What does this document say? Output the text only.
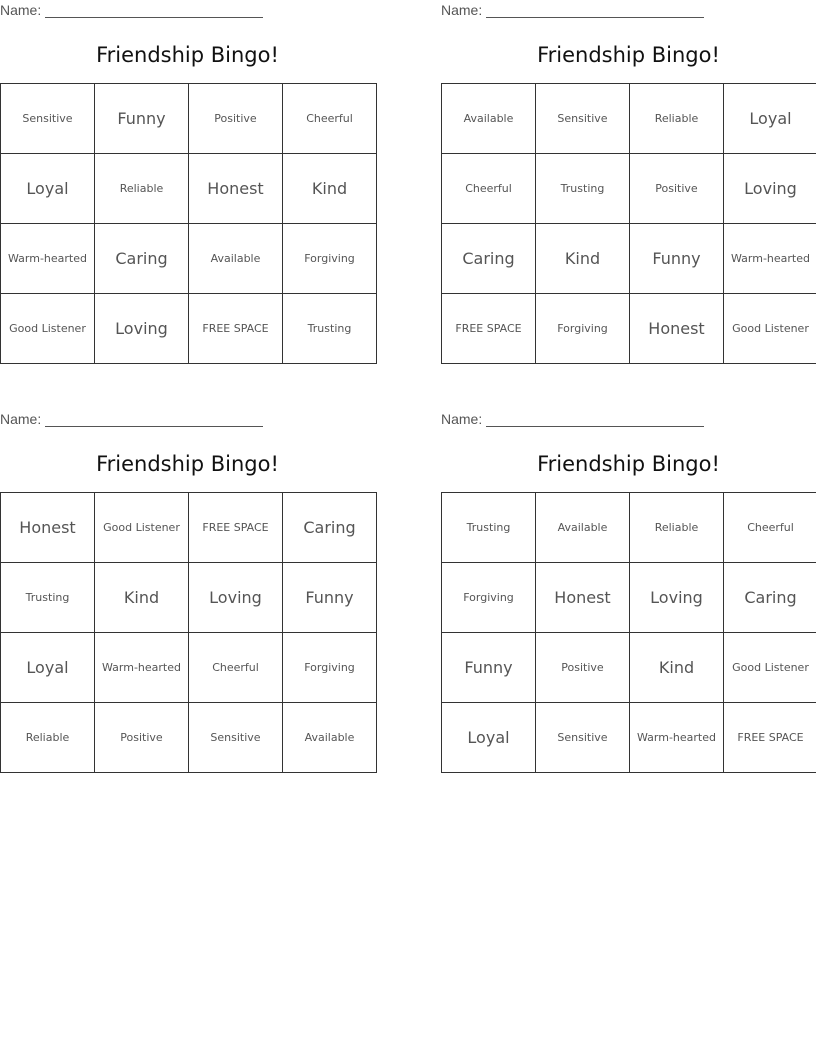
Name:
Friendship Bingo!
Sensitive	Funny	Positive	Cheerful
Loyal	Reliable	Honest	Kind
Warm-hearted	Caring	Available	Forgiving
Good Listener	Loving	FREE SPACE	Trusting
Name:
Friendship Bingo!
Available	Sensitive	Reliable	Loyal
Cheerful	Trusting	Positive	Loving
Caring	Kind	Funny	Warm-hearted
FREE SPACE	Forgiving	Honest	Good Listener
Name:
Friendship Bingo!
Honest	Good Listener	FREE SPACE	Caring
Trusting	Kind	Loving	Funny
Loyal	Warm-hearted	Cheerful	Forgiving
Reliable	Positive	Sensitive	Available
Name:
Friendship Bingo!
Trusting	Available	Reliable	Cheerful
Forgiving	Honest	Loving	Caring
Funny	Positive	Kind	Good Listener
Loyal	Sensitive	Warm-hearted	FREE SPACE
